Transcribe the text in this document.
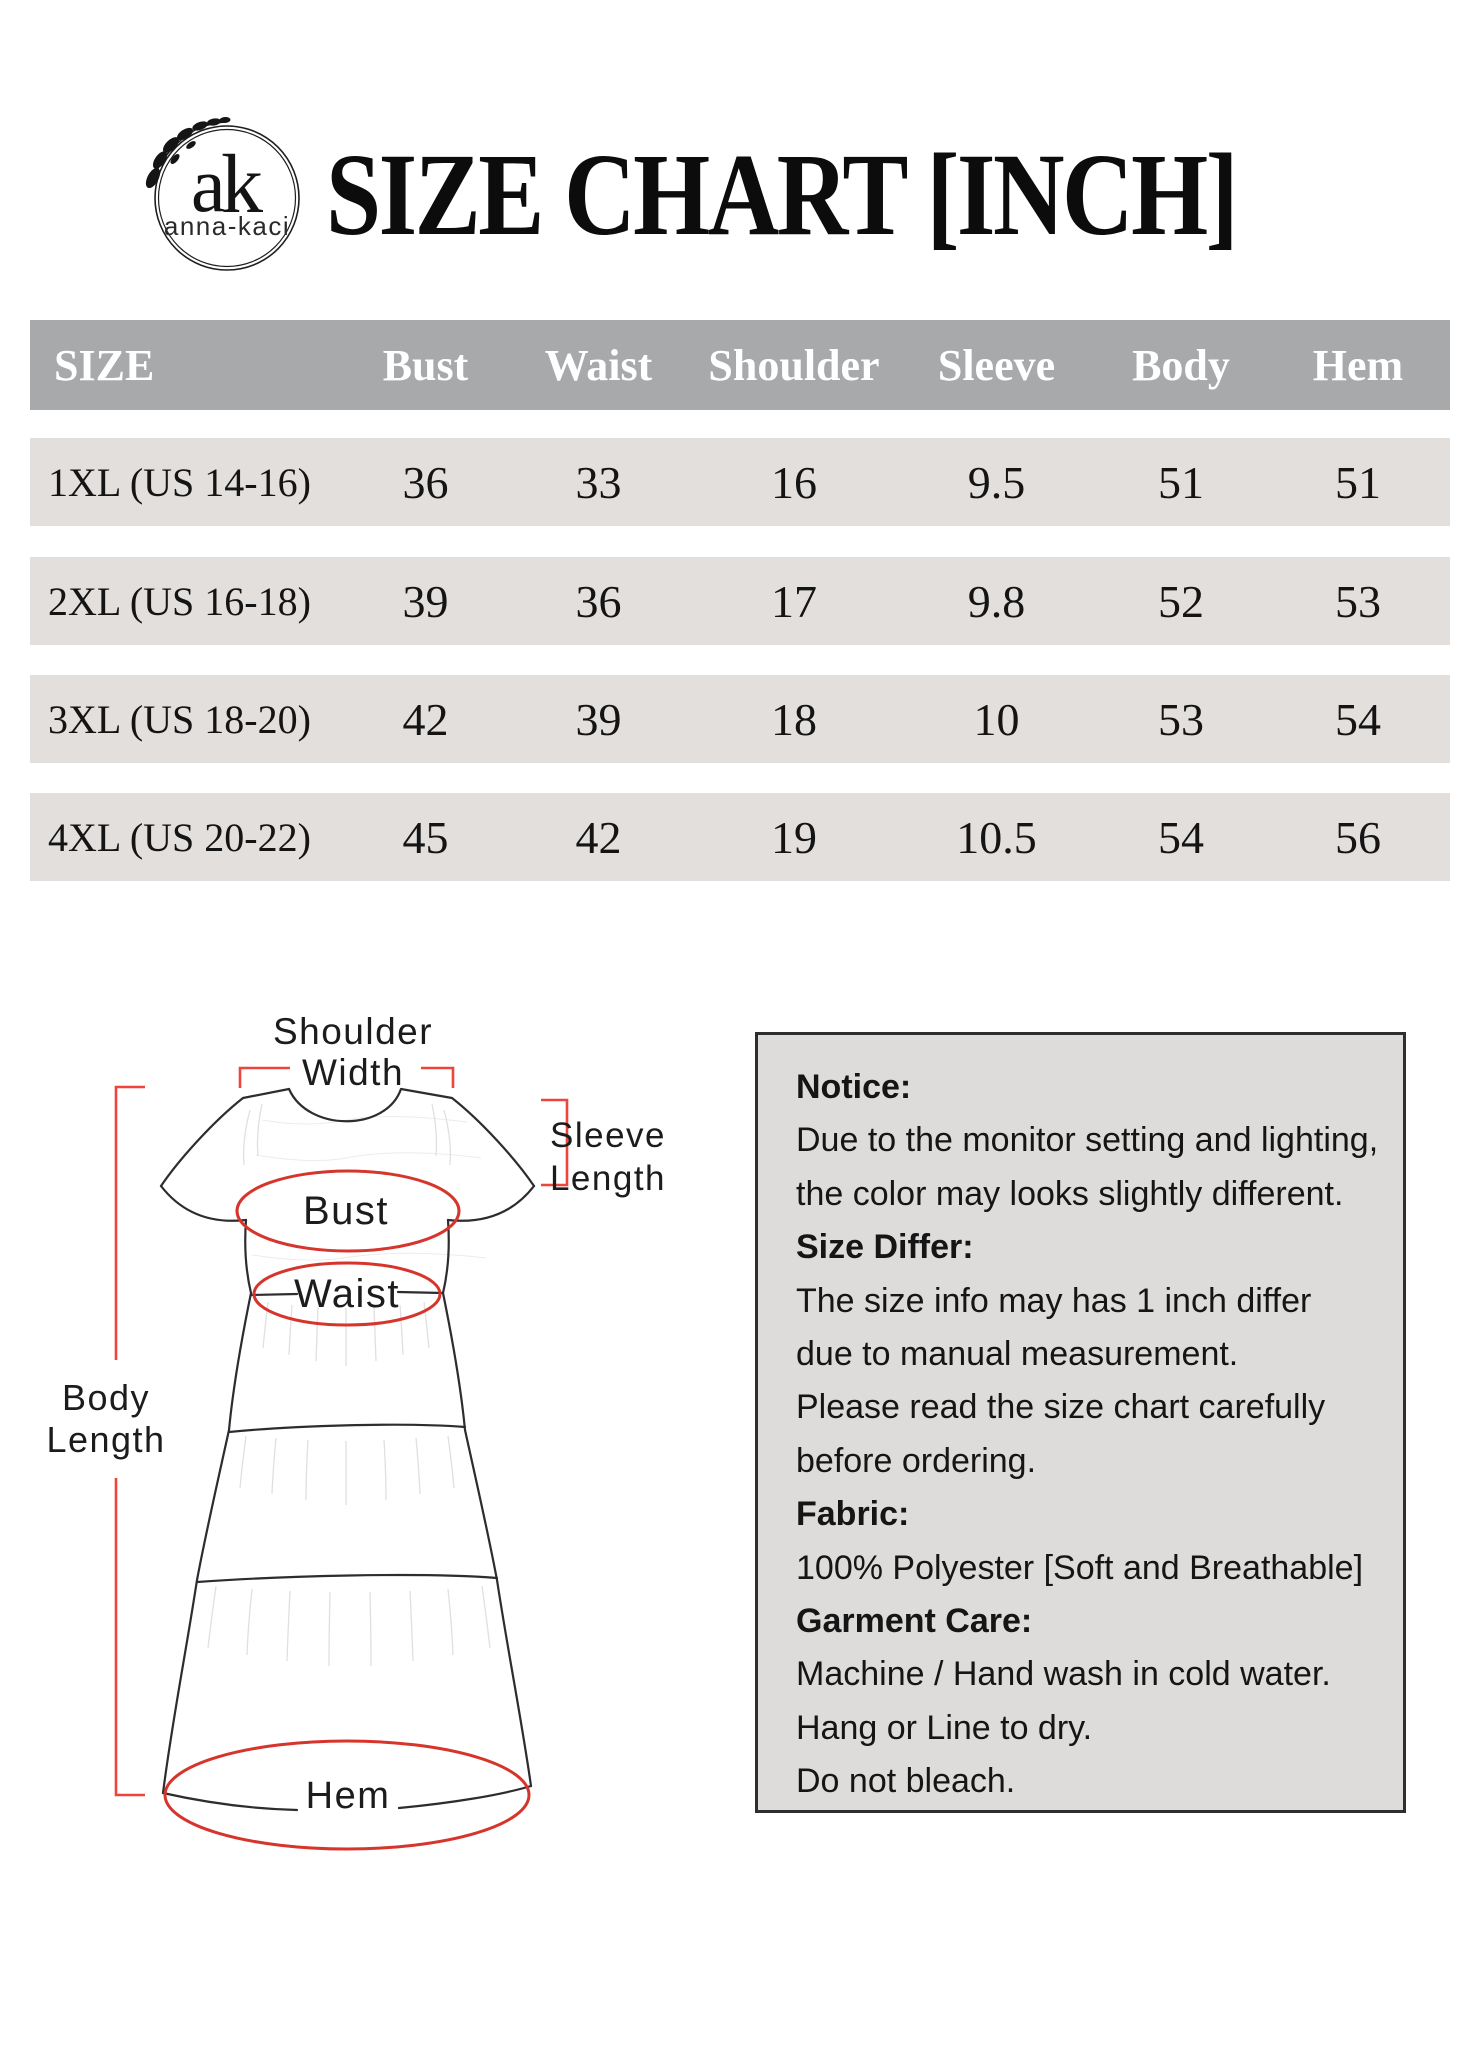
a
k
anna-kaci SIZE CHART [INCH]
SIZE	Bust	Waist	Shoulder	Sleeve	Body	Hem
1XL (US 14-16)	36	33	16	9.5	51	51
2XL (US 16-18)	39	36	17	9.8	52	53
3XL (US 18-20)	42	39	18	10	53	54
4XL (US 20-22)	45	42	19	10.5	54	56
Shoulder
Width
Sleeve
Length
Body
Length
Bust
Waist
Hem
Notice:
Due to the monitor setting and lighting,
the color may looks slightly different.
Size Differ:
The size info may has 1 inch differ
due to manual measurement.
Please read the size chart carefully
before ordering.
Fabric:
100% Polyester [Soft and Breathable]
Garment Care:
Machine / Hand wash in cold water.
Hang or Line to dry.
Do not bleach.
